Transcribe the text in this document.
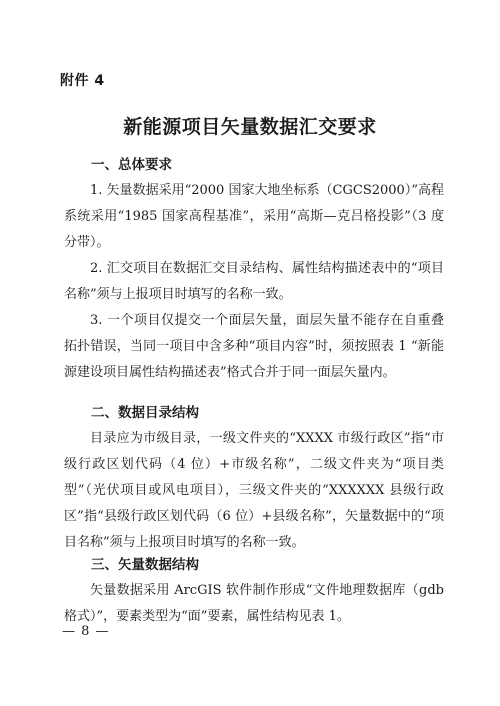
附件 4
新能源项目矢量数据汇交要求
一、总体要求

1. 矢量数据采用“2000 国家大地坐标系（CGCS2000）”高程系统采用“1985 国家高程基准”，采用“高斯—克吕格投影”（3 度分带）。

2. 汇交项目在数据汇交目录结构、属性结构描述表中的“项目名称”须与上报项目时填写的名称一致。

3. 一个项目仅提交一个面层矢量，面层矢量不能存在自重叠拓扑错误，当同一项目中含多种“项目内容”时，须按照表 1 “新能源建设项目属性结构描述表”格式合并于同一面层矢量内。

二、数据目录结构

目录应为市级目录，一级文件夹的“XXXX 市级行政区”指“市级行政区划代码（4 位）+市级名称”，二级文件夹为“项目类型”（光伏项目或风电项目），三级文件夹的“XXXXXX 县级行政区”指“县级行政区划代码（6 位）+县级名称”，矢量数据中的“项目名称”须与上报项目时填写的名称一致。

三、矢量数据结构

矢量数据采用 ArcGIS 软件制作形成“文件地理数据库（gdb 格式）”，要素类型为“面”要素，属性结构见表 1。

— 8 —
